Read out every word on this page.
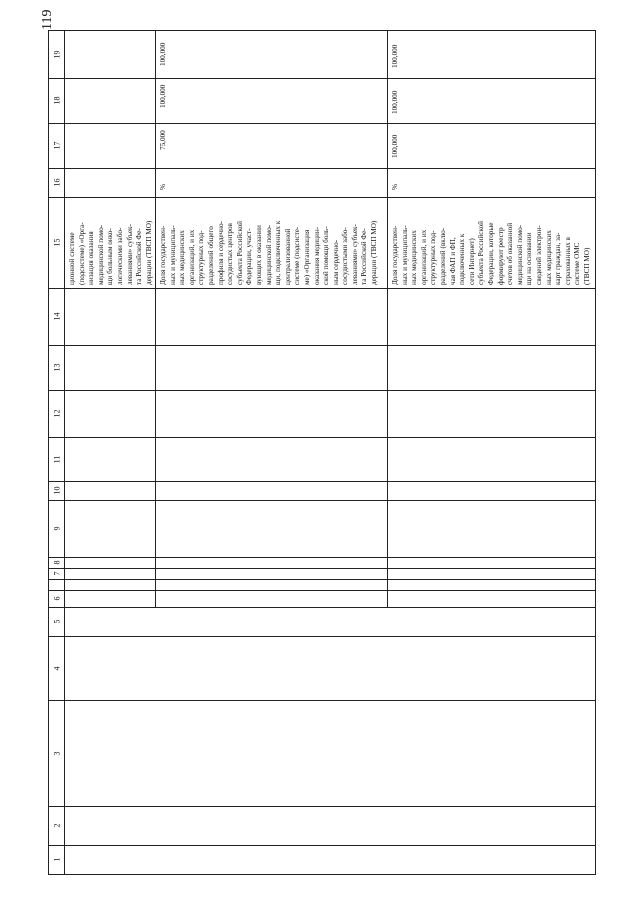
119
19
18
17
16
15
14
13
12
11
10
9
8
7
6
5
4
3
2
1
ционной системе
(подсистеме) «Орга-
низация оказания
медицинской помо-
щи больным онко-
логическими забо-
леваниями» субъек-
та Российской Фе-
дерации (ТВСП МО)
Доля государствен-
ных и муниципаль-
ных медицинских
организаций, и их
структурных под-
разделений общего
профиля и сердечно-
сосудистых центров
субъекта Российской
Федерации, участ-
вующих в оказании
медицинской помо-
щи, подключенных к
централизованной
системе (подсисте-
ме) «Организация
оказания медицин-
ской помощи боль-
ным сердечно-
сосудистыми забо-
леваниями» субъек-
та Российской Фе-
дерации (ТВСП МО)
%
75,000
100,000
100,000
Доля государствен-
ных и муниципаль-
ных медицинских
организаций, и их
структурных под-
разделений (вклю-
чая ФАП и ФП,
подключенных к
сети Интернет)
субъекта Российской
Федерации, которые
формируют реестр
счетов об оказанной
медицинской помо-
щи на основании
сведений электрон-
ных медицинских
карт граждан, за-
страхованных в
системе ОМС
(ТВСП МО)
%
100,000
100,000
100,000
